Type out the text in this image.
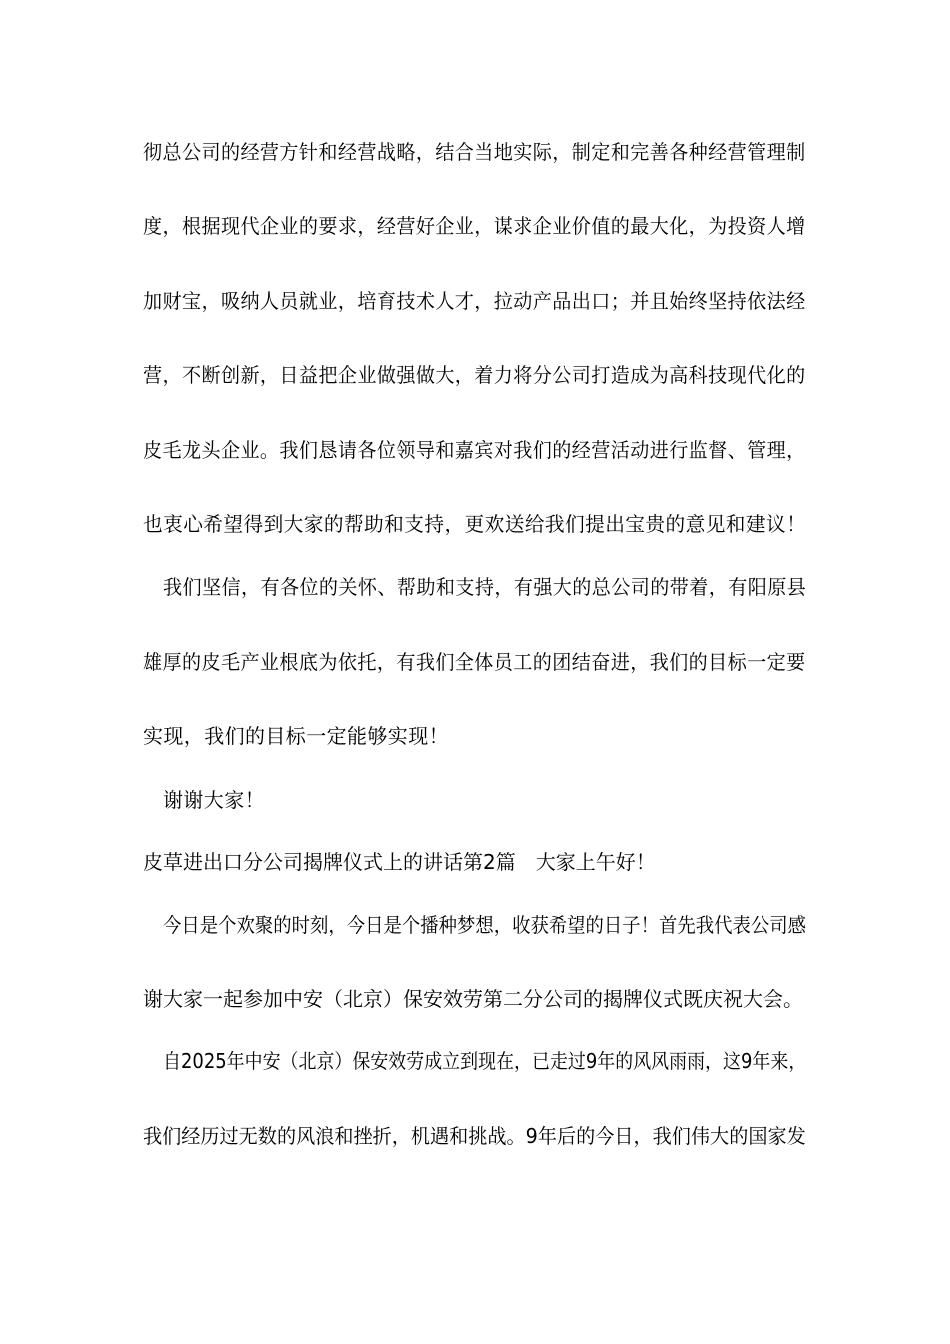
彻总公司的经营方针和经营战略，结合当地实际，制定和完善各种经营管理制
度，根据现代企业的要求，经营好企业，谋求企业价值的最大化，为投资人增
加财宝，吸纳人员就业，培育技术人才，拉动产品出口；并且始终坚持依法经
营，不断创新，日益把企业做强做大，着力将分公司打造成为高科技现代化的
皮毛龙头企业。我们恳请各位领导和嘉宾对我们的经营活动进行监督、管理，
也衷心希望得到大家的帮助和支持，更欢送给我们提出宝贵的意见和建议！
我们坚信，有各位的关怀、帮助和支持，有强大的总公司的带着，有阳原县
雄厚的皮毛产业根底为依托，有我们全体员工的团结奋进，我们的目标一定要
实现，我们的目标一定能够实现！
谢谢大家！
皮草进出口分公司揭牌仪式上的讲话第2篇　大家上午好！
今日是个欢聚的时刻，今日是个播种梦想，收获希望的日子！首先我代表公司感
谢大家一起参加中安（北京）保安效劳第二分公司的揭牌仪式既庆祝大会。
自2025年中安（北京）保安效劳成立到现在，已走过9年的风风雨雨，这9年来，
我们经历过无数的风浪和挫折，机遇和挑战。9年后的今日，我们伟大的国家发
